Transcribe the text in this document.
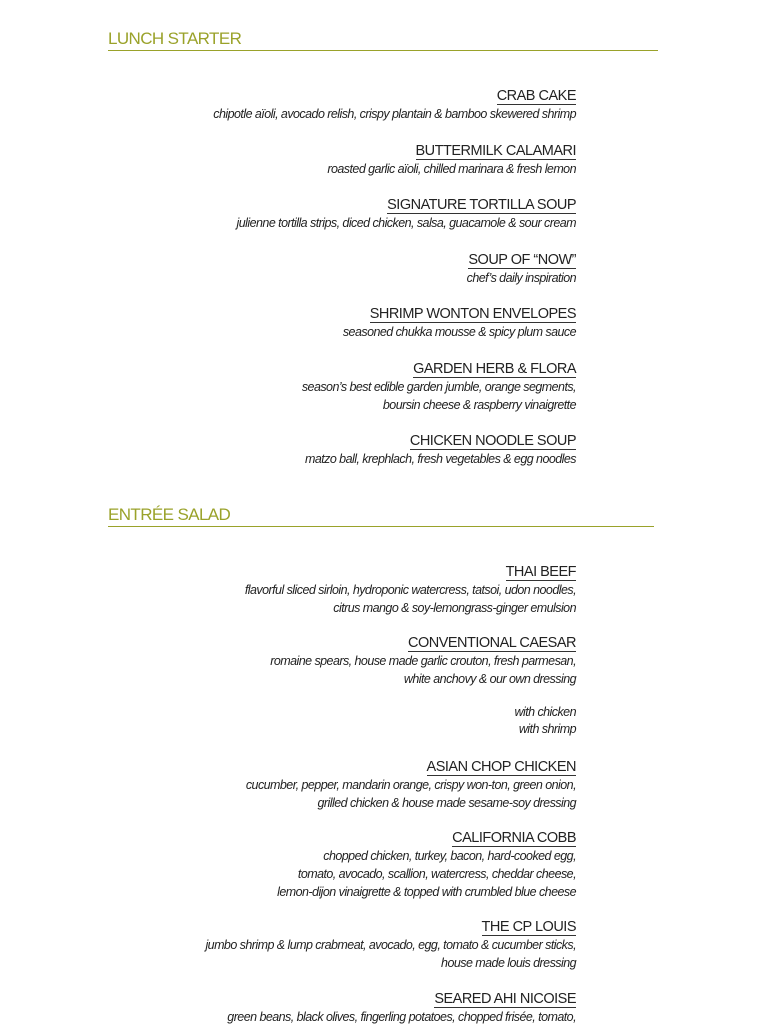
LUNCH STARTER
CRAB CAKE
chipotle aïoli, avocado relish, crispy plantain & bamboo skewered shrimp
BUTTERMILK CALAMARI
roasted garlic aïoli, chilled marinara & fresh lemon
SIGNATURE TORTILLA SOUP
julienne tortilla strips, diced chicken, salsa, guacamole & sour cream
SOUP OF “NOW”
chef’s daily inspiration
SHRIMP WONTON ENVELOPES
seasoned chukka mousse & spicy plum sauce
GARDEN HERB & FLORA
season’s best edible garden jumble, orange segments,
boursin cheese & raspberry vinaigrette
CHICKEN NOODLE SOUP
matzo ball, krephlach, fresh vegetables & egg noodles
ENTRÉE SALAD
THAI BEEF
flavorful sliced sirloin, hydroponic watercress, tatsoi, udon noodles,
citrus mango & soy-lemongrass-ginger emulsion
CONVENTIONAL CAESAR
romaine spears, house made garlic crouton, fresh parmesan,
white anchovy & our own dressing
with chicken
with shrimp
ASIAN CHOP CHICKEN
cucumber, pepper, mandarin orange, crispy won-ton, green onion,
grilled chicken & house made sesame-soy dressing
CALIFORNIA COBB
chopped chicken, turkey, bacon, hard-cooked egg,
tomato, avocado, scallion, watercress, cheddar cheese,
lemon-dijon vinaigrette & topped with crumbled blue cheese
THE CP LOUIS
jumbo shrimp & lump crabmeat, avocado, egg, tomato & cucumber sticks,
house made louis dressing
SEARED AHI NICOISE
green beans, black olives, fingerling potatoes, chopped frisée, tomato,
